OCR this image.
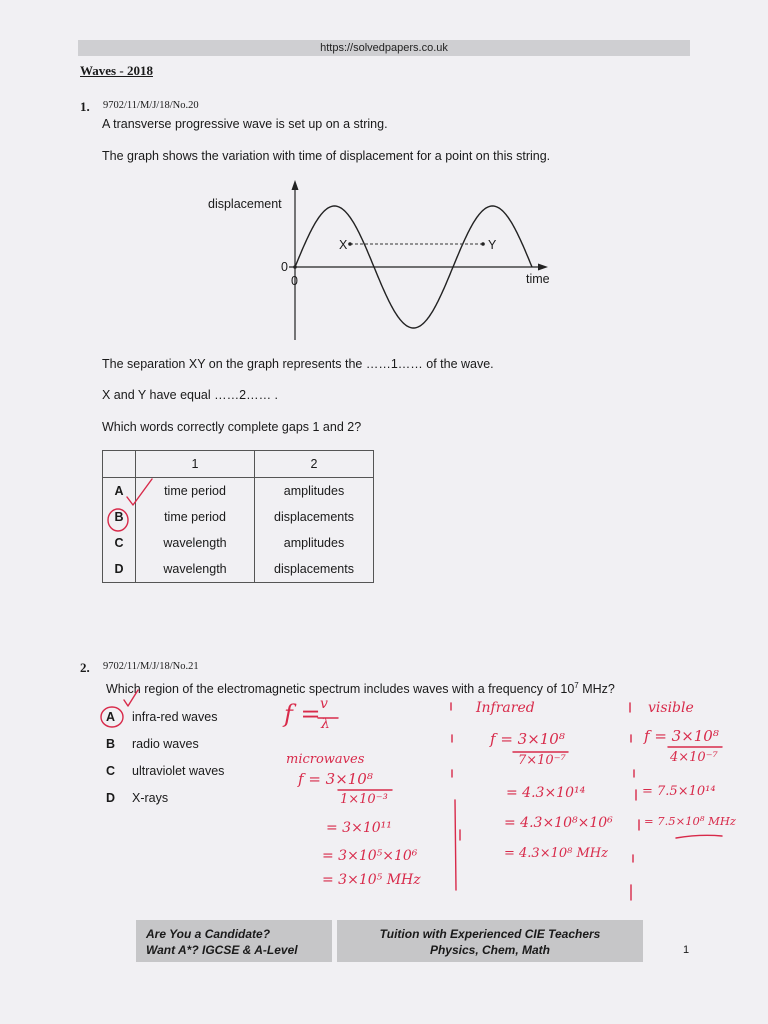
https://solvedpapers.co.uk
Waves - 2018
1. 9702/11/M/J/18/No.20
A transverse progressive wave is set up on a string.
The graph shows the variation with time of displacement for a point on this string.
displacement
time
0
0
X	Y
The separation XY on the graph represents the ……1…… of the wave.
X and Y have equal ……2…… .
Which words correctly complete gaps 1 and 2?
	1	2
A	time period	amplitudes
B	time period	displacements
C	wavelength	amplitudes
D	wavelength	displacements
2. 9702/11/M/J/18/No.21
Which region of the electromagnetic spectrum includes waves with a frequency of $10^7$ MHz?
A infra-red waves
B radio waves
C ultraviolet waves
D X-rays
f = v
λ
microwaves
f = 3×10⁸
1×10⁻³
= 3×10¹¹
= 3×10⁵×10⁶
= 3×10⁵ MHz
Infrared
f = 3×10⁸
7×10⁻⁷
= 4.3×10¹⁴
= 4.3×10⁸×10⁶
= 4.3×10⁸ MHz
visible
f = 3×10⁸
4×10⁻⁷
= 7.5×10¹⁴
= 7.5×10⁸ MHz
Are You a Candidate?
Want A*? IGCSE & A-Level
Tuition with Experienced CIE Teachers
Physics, Chem, Math	1
